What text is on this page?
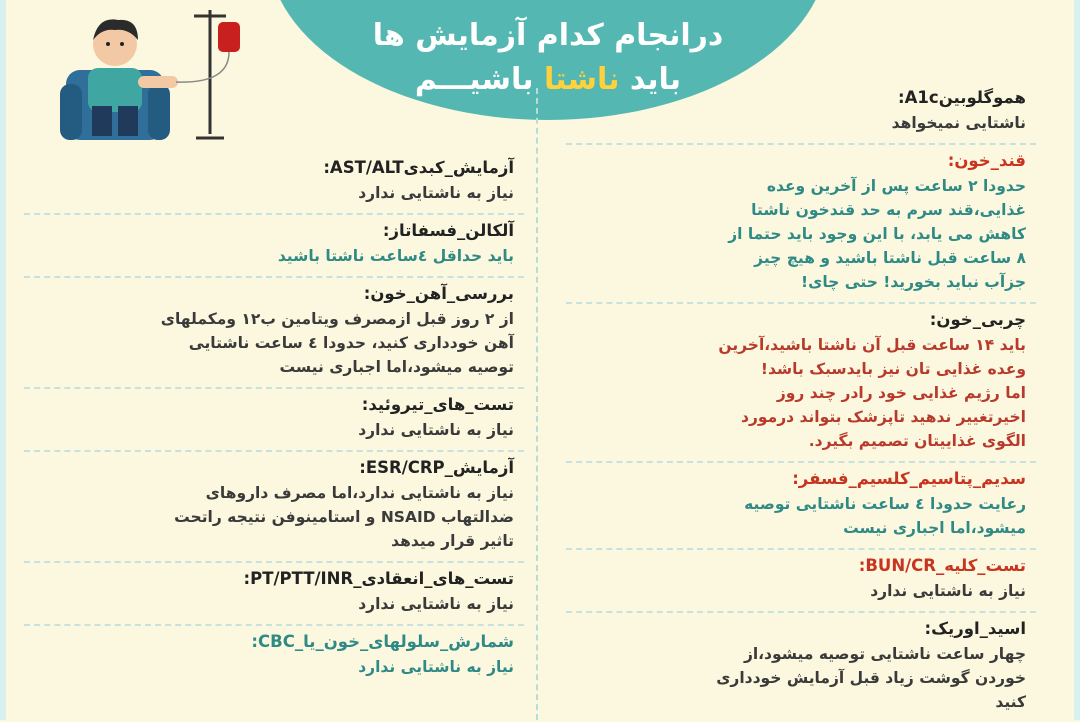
درانجام کدام آزمایش ها
باید ناشتا باشیـــم
هموگلوبینA1c:
ناشتایی نمیخواهد
قند_خون:
حدودا ۲ ساعت پس از آخرین وعده
غذایی،قند سرم به حد قندخون ناشتا
کاهش می یابد، با این وجود باید حتما از
۸ ساعت قبل ناشتا باشید و هیچ چیز
جزآب نباید بخورید! حتی چای!
چربی_خون:
باید ۱۴ ساعت قبل آن ناشتا باشید،آخرین
وعده غذایی تان نیز بایدسبک باشد!
اما رژیم غذایی خود رادر چند روز
اخیرتغییر ندهید تاپزشک بتواند درمورد
الگوی غذاییتان تصمیم بگیرد.
سدیم_پتاسیم_کلسیم_فسفر:
رعایت حدودا ٤ ساعت ناشتایی توصیه
میشود،اما اجباری نیست
تست_کلیه_BUN/CR:
نیاز به ناشتایی ندارد
اسید_اوریک:
چهار ساعت ناشتایی توصیه میشود،از
خوردن گوشت زیاد قبل آزمایش خودداری
کنید
آزمایش_کبدیAST/ALT:
نیاز به ناشتایی ندارد
آلکالن_فسفاتاز:
باید حداقل ٤ساعت ناشتا باشید
بررسی_آهن_خون:
از ۲ روز قبل ازمصرف ویتامین ب۱۲ ومکملهای
آهن خودداری کنید، حدودا ٤ ساعت ناشتایی
توصیه میشود،اما اجباری نیست
تست_های_تیروئید:
نیاز به ناشتایی ندارد
آزمایش_ESR/CRP:
نیاز به ناشتایی ندارد،اما مصرف داروهای
ضدالتهاب NSAID و استامینوفن نتیجه راتحت
تاثیر قرار میدهد
تست_های_انعقادی_PT/PTT/INR:
نیاز به ناشتایی ندارد
شمارش_سلولهای_خون_یا_CBC:
نیاز به ناشتایی ندارد
